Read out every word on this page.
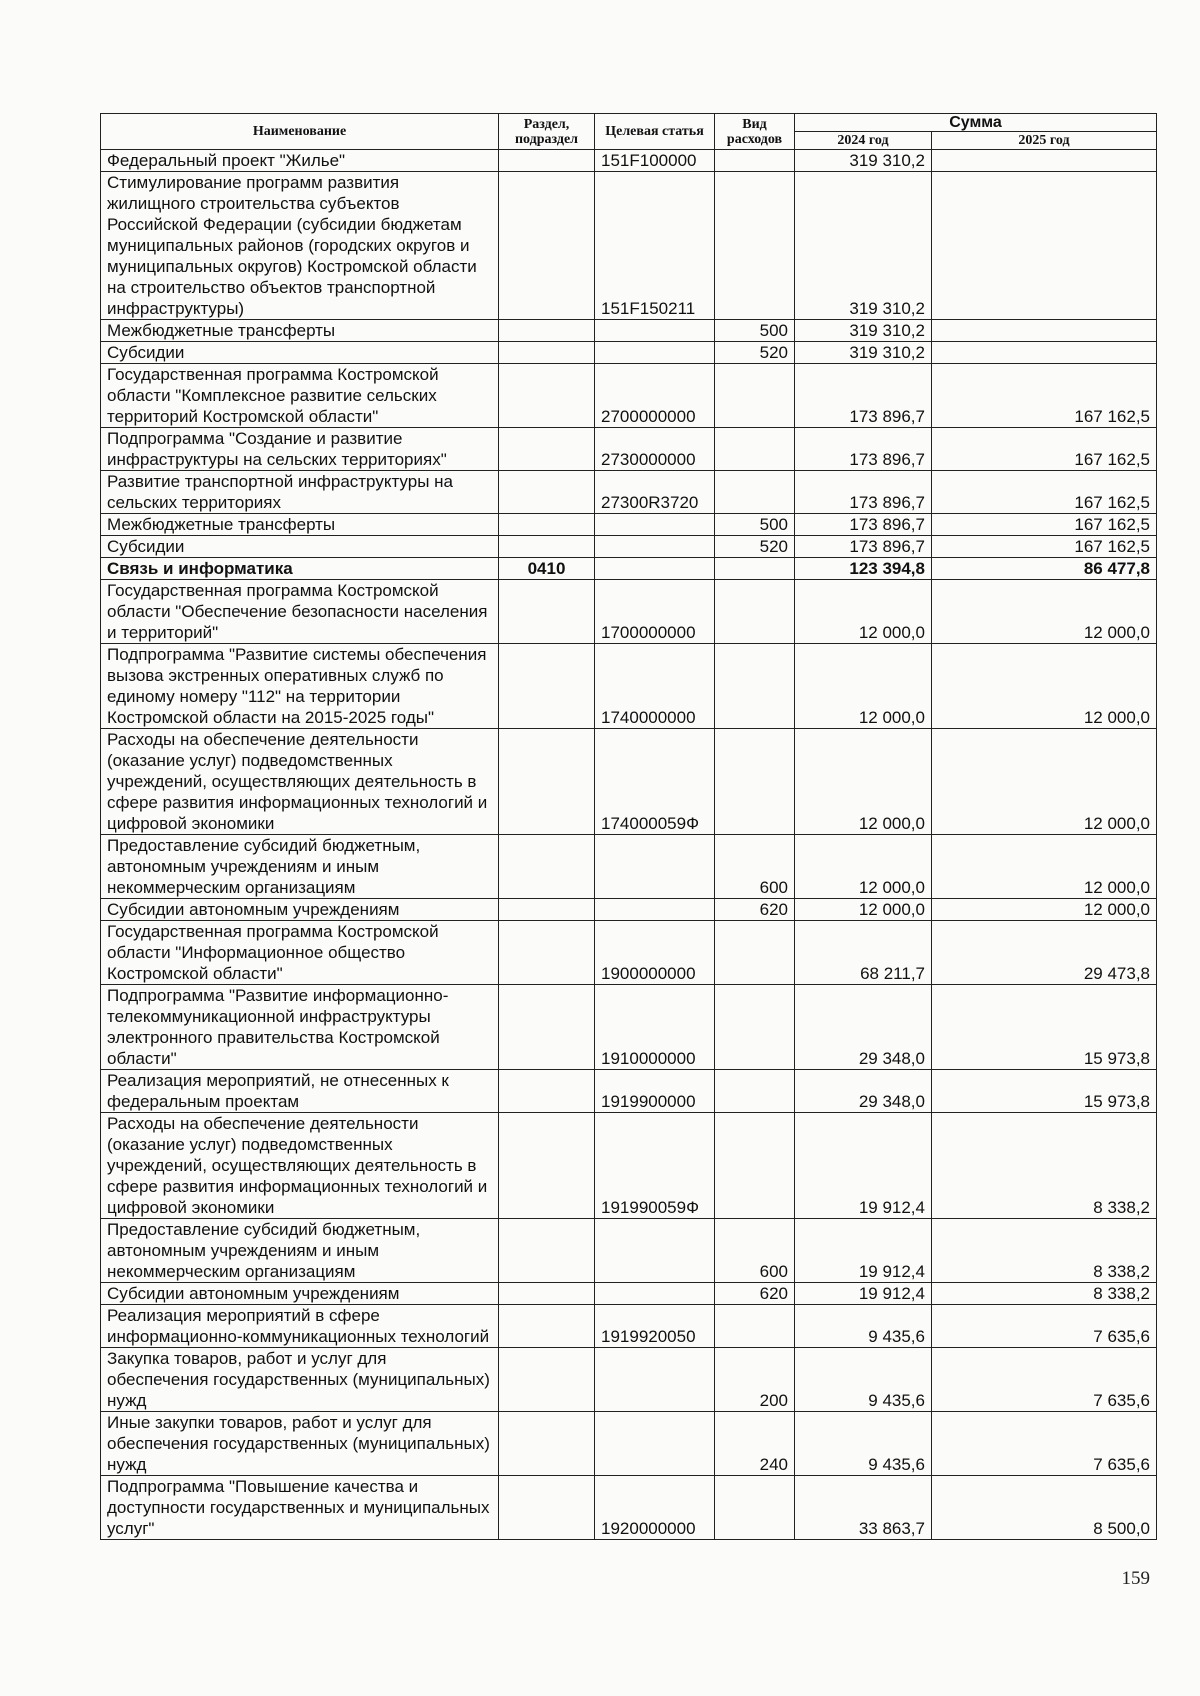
Наименование	Раздел, подраздел	Целевая статья	Вид расходов	Сумма	
				2024 год	2025 год
Федеральный проект "Жилье"		151F100000		319 310,2	
Стимулирование программ развития жилищного строительства субъектов Российской Федерации (субсидии бюджетам муниципальных районов (городских округов и муниципальных округов) Костромской области на строительство объектов транспортной инфраструктуры)		151F150211		319 310,2	
Межбюджетные трансферты			500	319 310,2	
Субсидии			520	319 310,2	
Государственная программа Костромской области "Комплексное развитие сельских территорий Костромской области"		2700000000		173 896,7	167 162,5
Подпрограмма "Создание и развитие инфраструктуры на сельских территориях"		2730000000		173 896,7	167 162,5
Развитие транспортной инфраструктуры на сельских территориях		27300R3720		173 896,7	167 162,5
Межбюджетные трансферты			500	173 896,7	167 162,5
Субсидии			520	173 896,7	167 162,5
Связь и информатика	0410			123 394,8	86 477,8
Государственная программа Костромской области "Обеспечение безопасности населения и территорий"		1700000000		12 000,0	12 000,0
Подпрограмма "Развитие системы обеспечения вызова экстренных оперативных служб по единому номеру "112" на территории Костромской области на 2015-2025 годы"		1740000000		12 000,0	12 000,0
Расходы на обеспечение деятельности (оказание услуг) подведомственных учреждений, осуществляющих деятельность в сфере развития информационных технологий и цифровой экономики		174000059Ф		12 000,0	12 000,0
Предоставление субсидий бюджетным, автономным учреждениям и иным некоммерческим организациям			600	12 000,0	12 000,0
Субсидии автономным учреждениям			620	12 000,0	12 000,0
Государственная программа Костромской области "Информационное общество Костромской области"		1900000000		68 211,7	29 473,8
Подпрограмма "Развитие информационно-телекоммуникационной инфраструктуры электронного правительства Костромской области"		1910000000		29 348,0	15 973,8
Реализация мероприятий, не отнесенных к федеральным проектам		1919900000		29 348,0	15 973,8
Расходы на обеспечение деятельности (оказание услуг) подведомственных учреждений, осуществляющих деятельность в сфере развития информационных технологий и цифровой экономики		191990059Ф		19 912,4	8 338,2
Предоставление субсидий бюджетным, автономным учреждениям и иным некоммерческим организациям			600	19 912,4	8 338,2
Субсидии автономным учреждениям			620	19 912,4	8 338,2
Реализация мероприятий в сфере информационно-коммуникационных технологий		1919920050		9 435,6	7 635,6
Закупка товаров, работ и услуг для обеспечения государственных (муниципальных) нужд			200	9 435,6	7 635,6
Иные закупки товаров, работ и услуг для обеспечения государственных (муниципальных) нужд			240	9 435,6	7 635,6
Подпрограмма "Повышение качества и доступности государственных и муниципальных услуг"		1920000000		33 863,7	8 500,0
159
